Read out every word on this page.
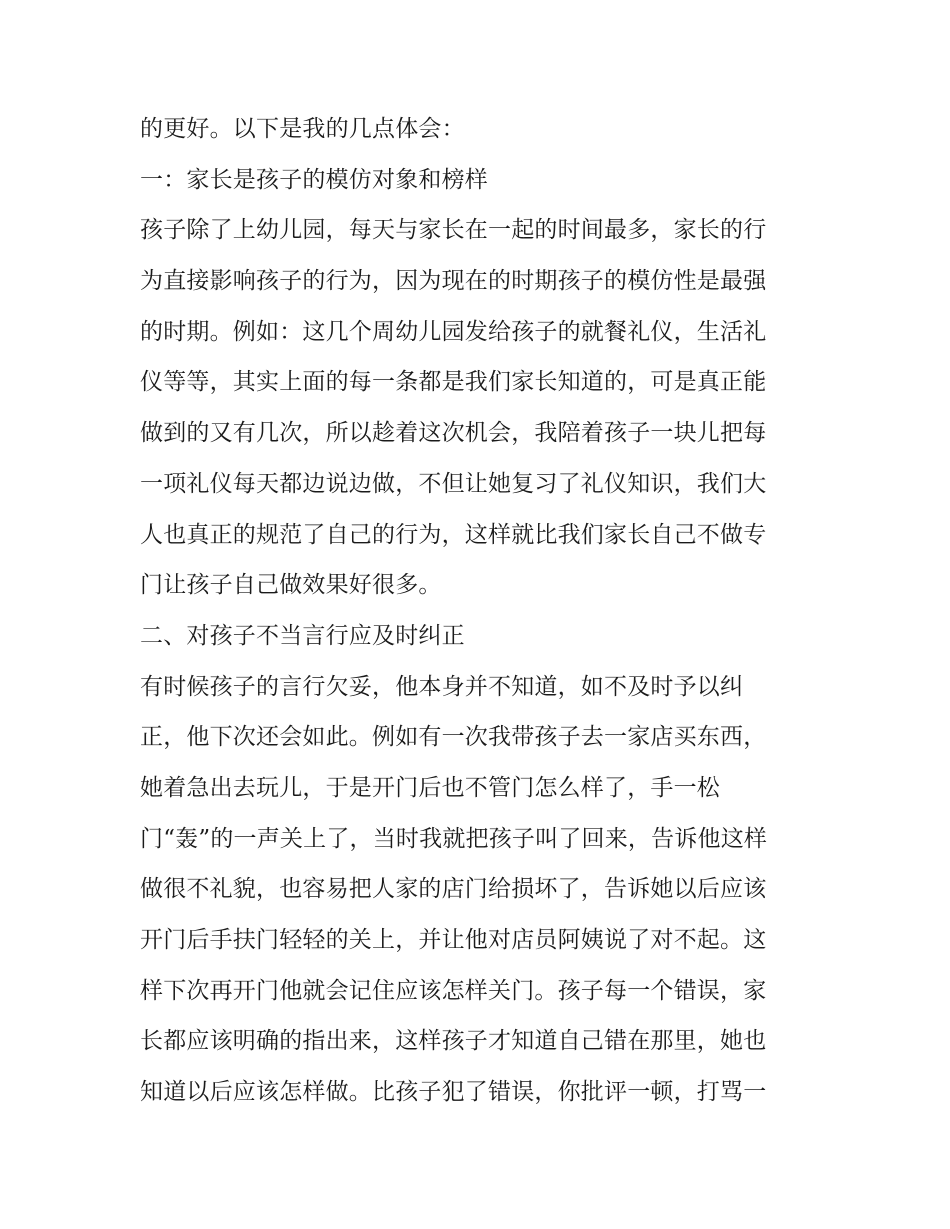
的更好。以下是我的几点体会：
一：家长是孩子的模仿对象和榜样
孩子除了上幼儿园，每天与家长在一起的时间最多，家长的行
为直接影响孩子的行为，因为现在的时期孩子的模仿性是最强
的时期。例如：这几个周幼儿园发给孩子的就餐礼仪，生活礼
仪等等，其实上面的每一条都是我们家长知道的，可是真正能
做到的又有几次，所以趁着这次机会，我陪着孩子一块儿把每
一项礼仪每天都边说边做，不但让她复习了礼仪知识，我们大
人也真正的规范了自己的行为，这样就比我们家长自己不做专
门让孩子自己做效果好很多。
二、对孩子不当言行应及时纠正
有时候孩子的言行欠妥，他本身并不知道，如不及时予以纠
正，他下次还会如此。例如有一次我带孩子去一家店买东西，
她着急出去玩儿，于是开门后也不管门怎么样了，手一松
门“轰”的一声关上了，当时我就把孩子叫了回来，告诉他这样
做很不礼貌，也容易把人家的店门给损坏了，告诉她以后应该
开门后手扶门轻轻的关上，并让他对店员阿姨说了对不起。这
样下次再开门他就会记住应该怎样关门。孩子每一个错误，家
长都应该明确的指出来，这样孩子才知道自己错在那里，她也
知道以后应该怎样做。比孩子犯了错误，你批评一顿，打骂一
